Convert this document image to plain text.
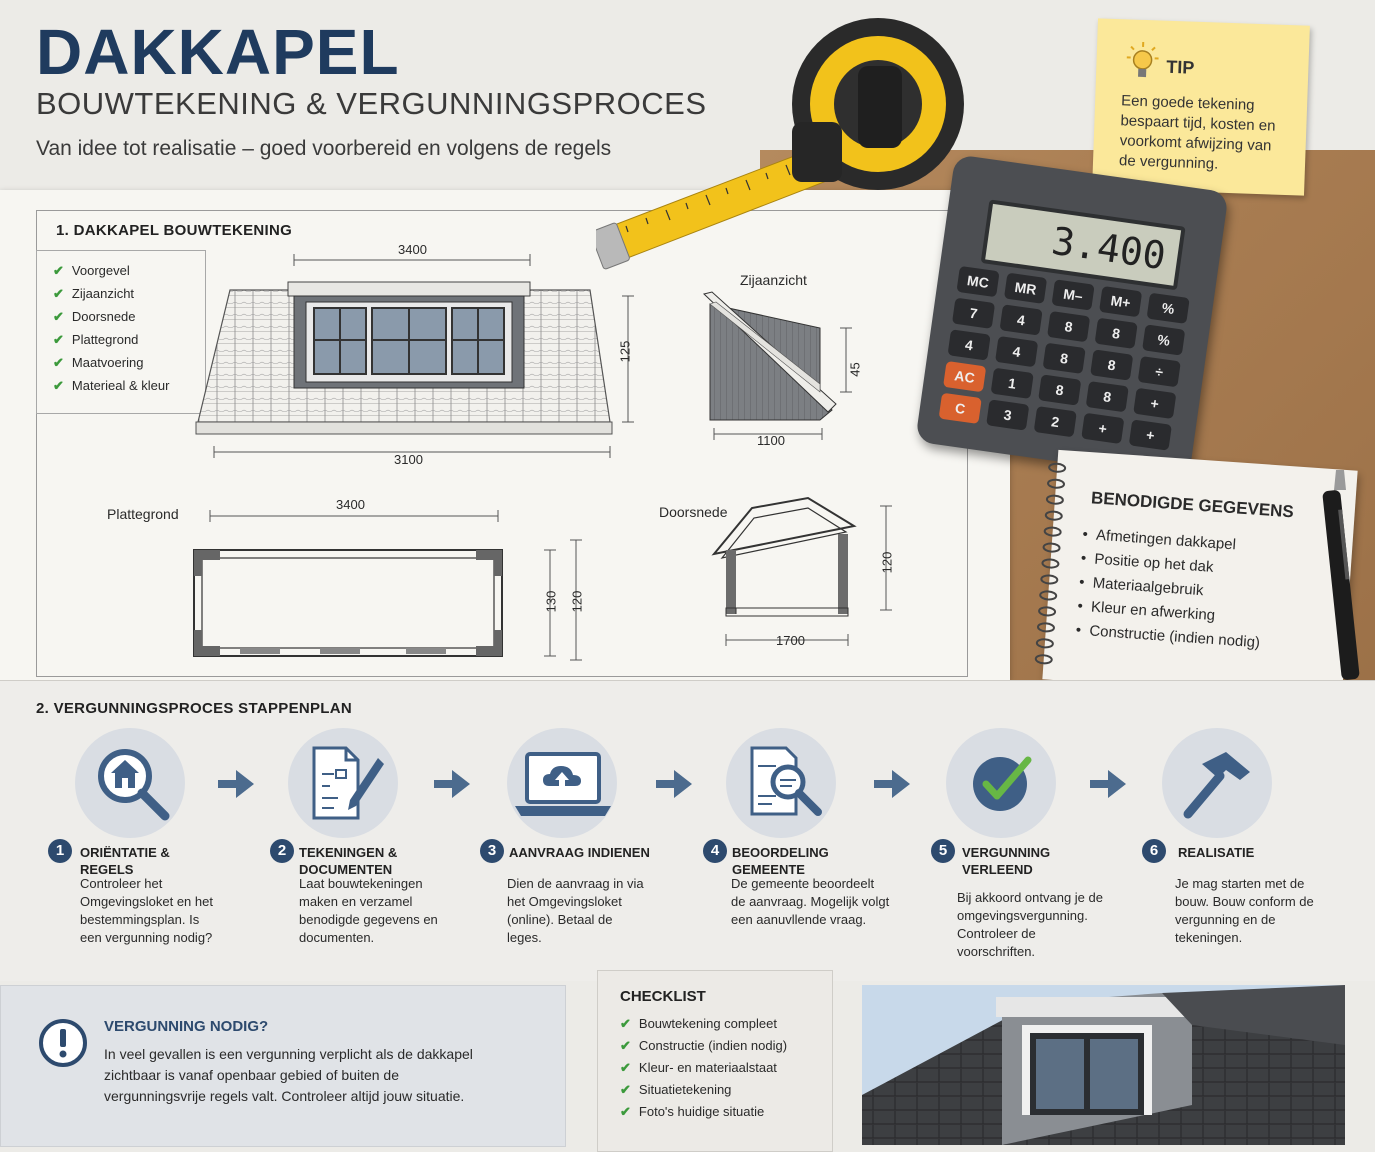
DAKKAPEL
BOUWTEKENING & VERGUNNINGSPROCES
Van idee tot realisatie – goed voorbereid en volgens de regels
1. DAKKAPEL BOUWTEKENING
✔ Voorgevel
✔ Zijaanzicht
✔ Doorsnede
✔ Plattegrond
✔ Maatvoering
✔ Materieal & kleur
3400
125
3100
Zijaanzicht
1100
45
Plattegrond
3400
130 120
Doorsnede
1700
120
TIP
Een goede tekening bespaart tijd, kosten en voorkomt afwijzing van de vergunning.
3.400
MC	MR	M–	M+	%
7	4	8	8	%
4	4	8	8	÷
AC	1	8	8	+
C	3	2	+	+
BENODIGDE GEGEVENS
•  Afmetingen dakkapel
•  Positie op het dak
•  Materiaalgebruik
•  Kleur en afwerking
•  Constructie (indien nodig)
2. VERGUNNINGSPROCES STAPPENPLAN
1	ORIËNTATIE & REGELS
Controleer het Omgevingsloket en het bestemmingsplan. Is een vergunning nodig?
2 TEKENINGEN & DOCUMENTEN
Laat bouwtekeningen maken en verzamel benodigde gegevens en documenten.
3 AANVRAAG INDIENEN
Dien de aanvraag in via het Omgevingsloket (online). Betaal de leges.
4 BEOORDELING GEMEENTE
De gemeente beoordeelt de aanvraag. Mogelijk volgt een aanuvllende vraag.
5	VERGUNNING VERLEEND
Bij akkoord ontvang je de omgevingsvergunning. Controleer de voorschriften.
6	REALISATIE
Je mag starten met de bouw. Bouw conform de vergunning en de tekeningen.
VERGUNNING NODIG?
In veel gevallen is een vergunning verplicht als de dakkapel zichtbaar is vanaf openbaar gebied of buiten de vergunningsvrije regels valt. Controleer altijd jouw situatie.
CHECKLIST
✔ Bouwtekening compleet
✔ Constructie (indien nodig)
✔ Kleur- en materiaalstaat
✔ Situatietekening
✔ Foto's huidige situatie
